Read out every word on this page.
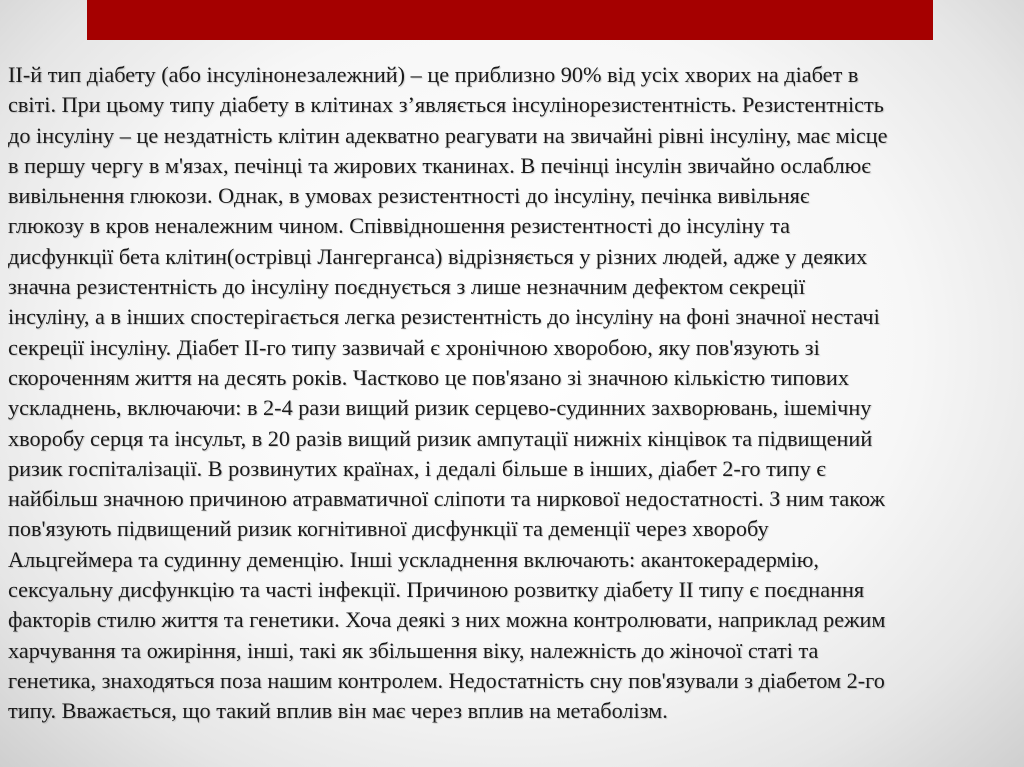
ІІ-й тип діабету (або інсулінонезалежний) – це приблизно 90% від усіх хворих на діабет в
світі. При цьому типу діабету в клітинах з’являється інсулінорезистентність. Резистентність
до інсуліну – це нездатність клітин адекватно реагувати на звичайні рівні інсуліну, має місце
в першу чергу в м'язах, печінці та жирових тканинах. В печінці інсулін звичайно ослаблює
вивільнення глюкози. Однак, в умовах резистентності до інсуліну, печінка вивільняє
глюкозу в кров неналежним чином. Співвідношення резистентності до інсуліну та
дисфункції бета клітин(острівці Лангерганса) відрізняється у різних людей, адже у деяких
значна резистентність до інсуліну поєднується з лише незначним дефектом секреції
інсуліну, а в інших спостерігається легка резистентність до інсуліну на фоні значної нестачі
секреції інсуліну. Діабет ІІ-го типу зазвичай є хронічною хворобою, яку пов'язують зі
скороченням життя на десять років. Частково це пов'язано зі значною кількістю типових
ускладнень, включаючи: в 2-4 рази вищий ризик серцево-судинних захворювань, ішемічну
хворобу серця та інсульт, в 20 разів вищий ризик ампутації нижніх кінцівок та підвищений
ризик госпіталізації. В розвинутих країнах, і дедалі більше в інших, діабет 2-го типу є
найбільш значною причиною атравматичної сліпоти та ниркової недостатності. З ним також
пов'язують підвищений ризик когнітивної дисфункції та деменції через хворобу
Альцгеймера та судинну деменцію. Інші ускладнення включають: акантокерадермію,
сексуальну дисфункцію та часті інфекції. Причиною розвитку діабету ІІ типу є поєднання
факторів стилю життя та генетики. Хоча деякі з них можна контролювати, наприклад режим
харчування та ожиріння, інші, такі як збільшення віку, належність до жіночої статі та
генетика, знаходяться поза нашим контролем. Недостатність сну пов'язували з діабетом 2-го
типу. Вважається, що такий вплив він має через вплив на метаболізм.
